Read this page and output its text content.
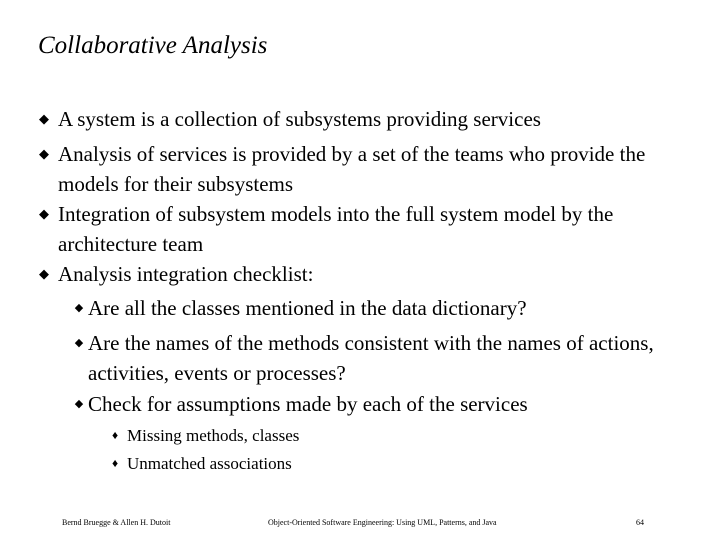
Collaborative Analysis
◆ A system is a collection of subsystems providing services
◆ Analysis of services is provided by a set of the teams who provide the models for their subsystems
◆ Integration of subsystem models into the full system model by the architecture team
◆ Analysis integration checklist:
◆ Are all the classes mentioned in the data dictionary?
◆ Are the names of the methods consistent with the names of actions, activities, events or processes?
◆ Check for assumptions made by each of the services
♦ Missing methods, classes
♦ Unmatched associations
Bernd Bruegge & Allen H. Dutoit	Object-Oriented Software Engineering: Using UML, Patterns, and Java	64
